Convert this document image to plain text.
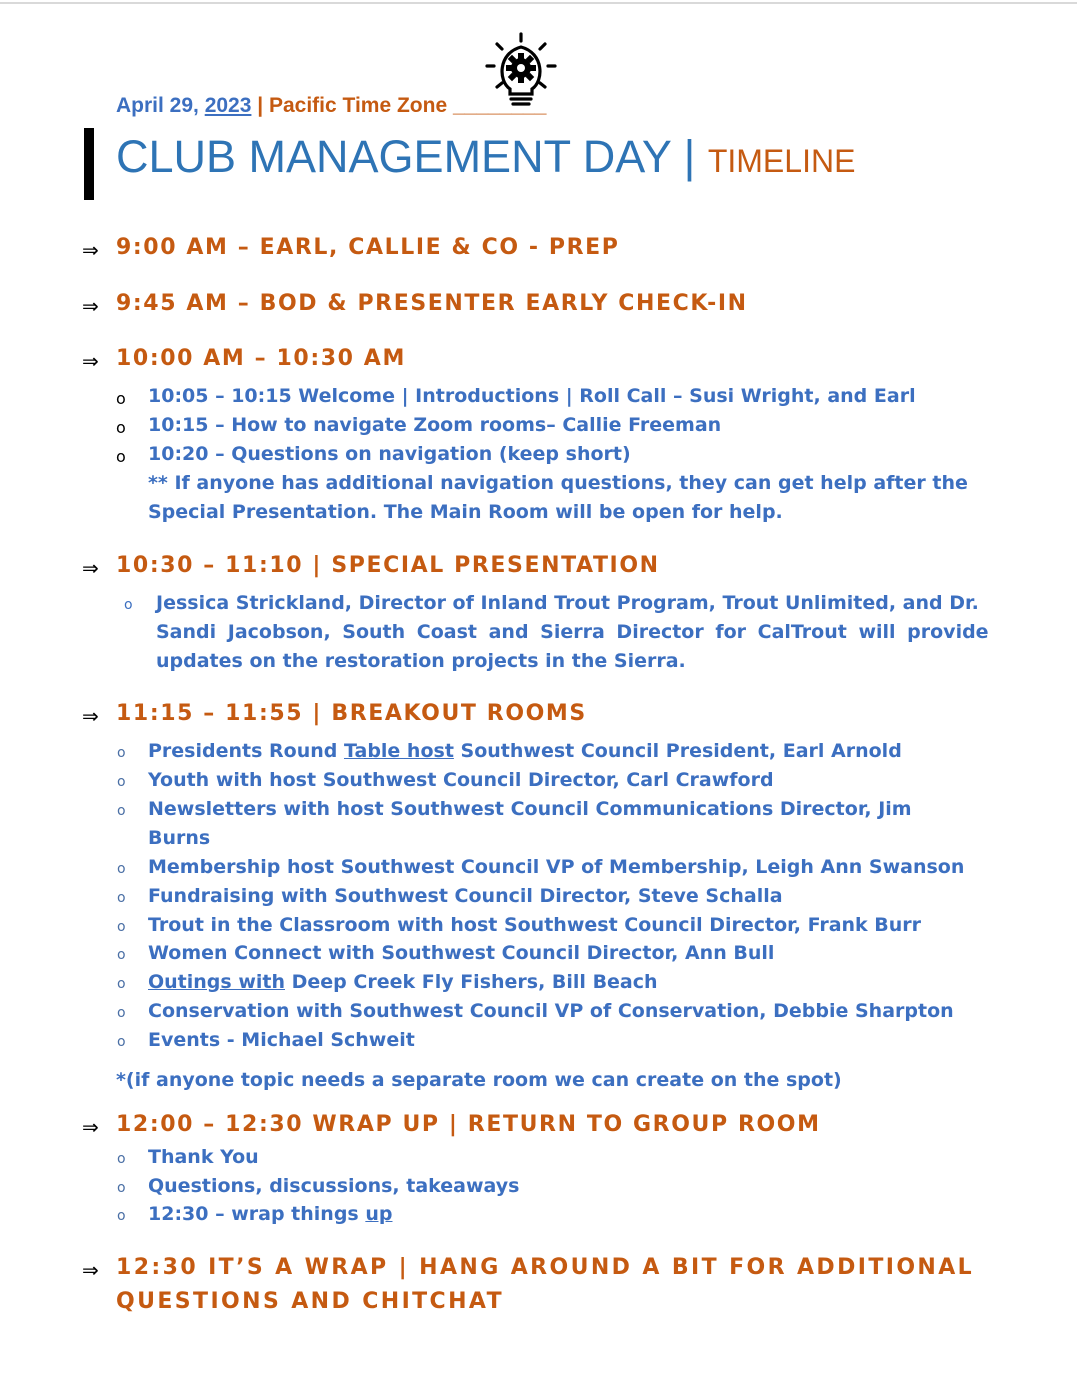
April 29, 2023 | Pacific Time Zone ________
CLUB MANAGEMENT DAY | TIMELINE
⇒ 9:00 AM – EARL, CALLIE & CO - PREP
⇒ 9:45 AM – BOD & PRESENTER EARLY CHECK-IN
⇒ 10:00 AM – 10:30 AM
o 10:05 – 10:15 Welcome | Introductions | Roll Call – Susi Wright, and Earl
o 10:15 – How to navigate Zoom rooms– Callie Freeman
o 10:20 – Questions on navigation (keep short)
** If anyone has additional navigation questions, they can get help after the
Special Presentation. The Main Room will be open for help.
⇒ 10:30 – 11:10 | SPECIAL PRESENTATION
o Jessica Strickland, Director of Inland Trout Program, Trout Unlimited, and Dr.
Sandi Jacobson, South Coast and Sierra Director for CalTrout will provide
updates on the restoration projects in the Sierra.
⇒ 11:15 – 11:55 | BREAKOUT ROOMS
o Presidents Round Table host Southwest Council President, Earl Arnold
o Youth with host Southwest Council Director, Carl Crawford
o Newsletters with host Southwest Council Communications Director, Jim
Burns
o Membership host Southwest Council VP of Membership, Leigh Ann Swanson
o Fundraising with Southwest Council Director, Steve Schalla
o Trout in the Classroom with host Southwest Council Director, Frank Burr
o Women Connect with Southwest Council Director, Ann Bull
o Outings with Deep Creek Fly Fishers, Bill Beach
o Conservation with Southwest Council VP of Conservation, Debbie Sharpton
o Events - Michael Schweit
*(if anyone topic needs a separate room we can create on the spot)
⇒ 12:00 – 12:30 WRAP UP | RETURN TO GROUP ROOM
o Thank You
o Questions, discussions, takeaways
o 12:30 – wrap things up
⇒ 12:30 IT’S A WRAP | HANG AROUND A BIT FOR ADDITIONAL
QUESTIONS AND CHITCHAT
